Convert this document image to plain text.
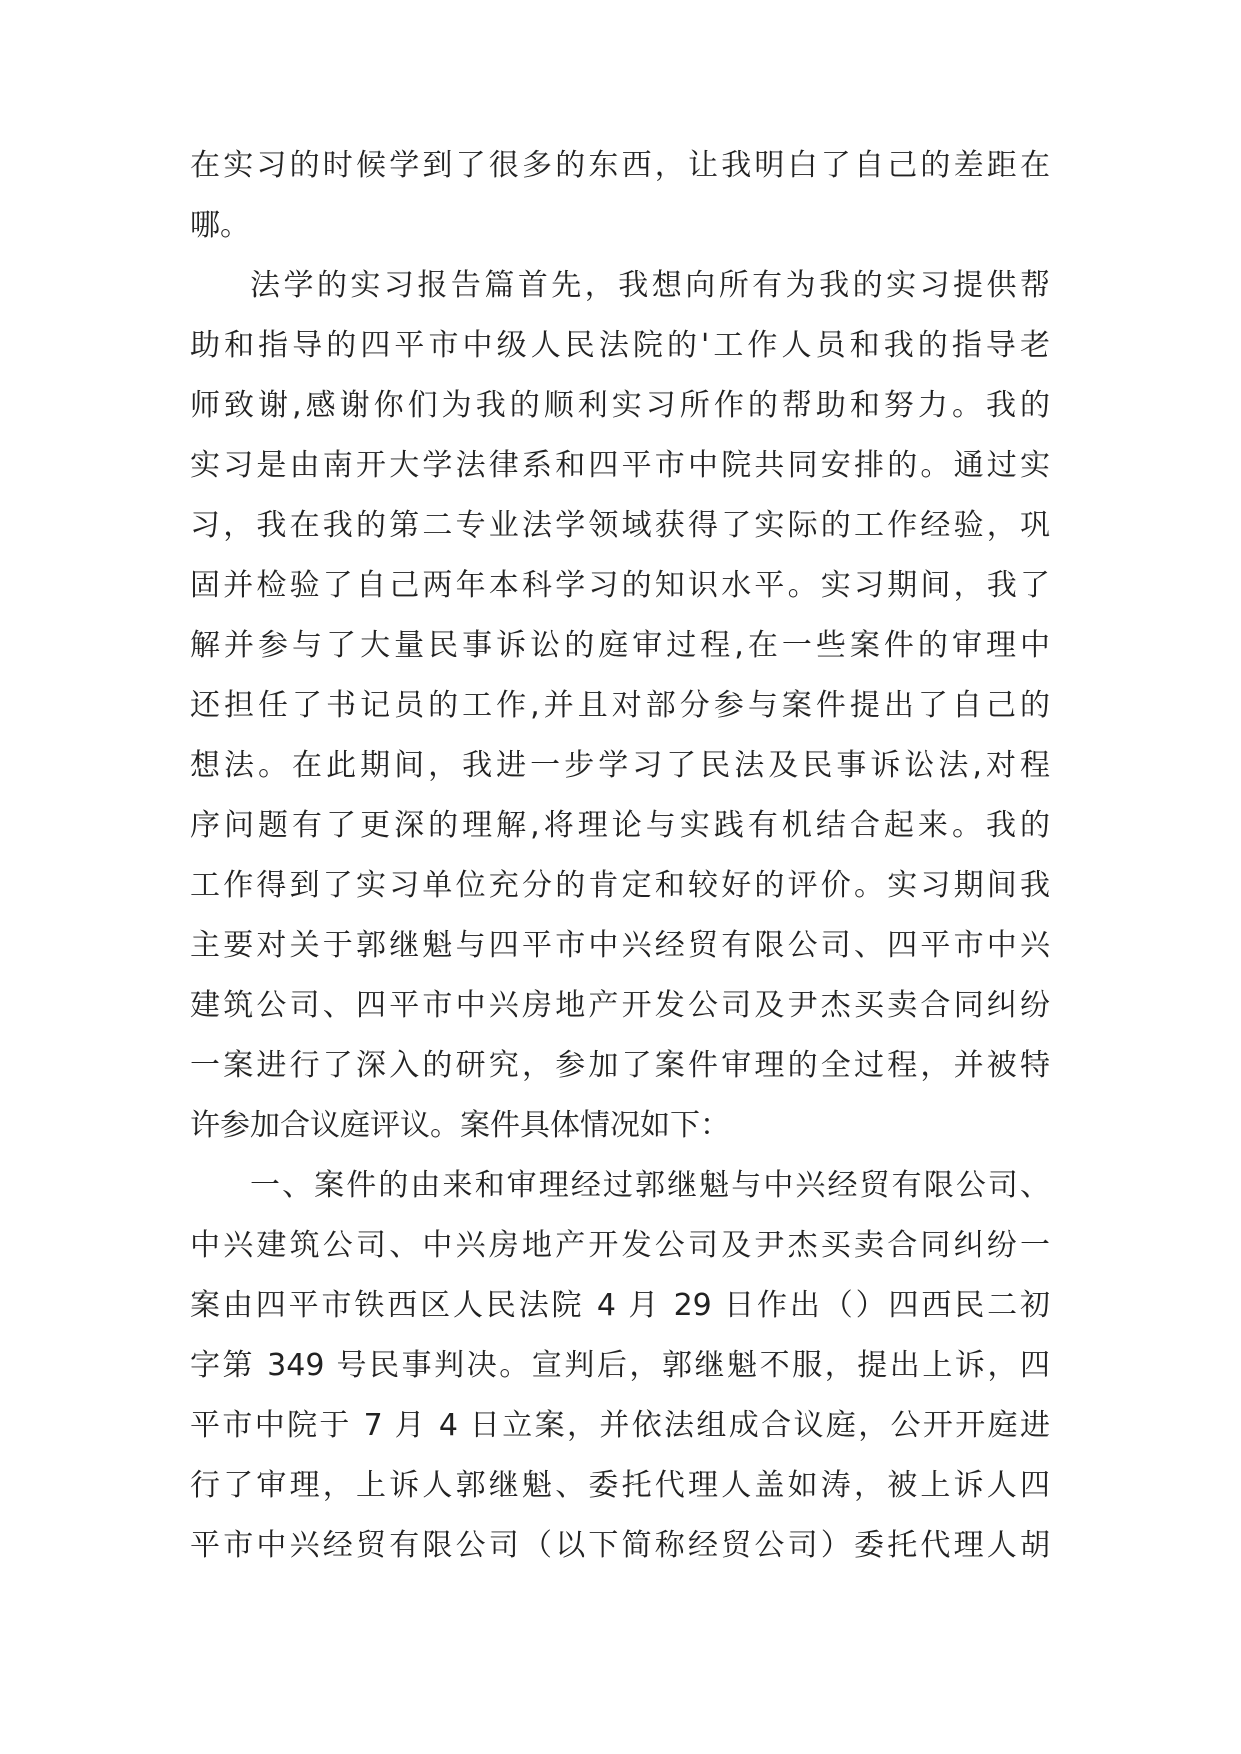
在实习的时候学到了很多的东西，让我明白了自己的差距在
哪。
法学的实习报告篇首先，我想向所有为我的实习提供帮
助和指导的四平市中级人民法院的'工作人员和我的指导老
师致谢,感谢你们为我的顺利实习所作的帮助和努力。我的
实习是由南开大学法律系和四平市中院共同安排的。通过实
习，我在我的第二专业法学领域获得了实际的工作经验，巩
固并检验了自己两年本科学习的知识水平。实习期间，我了
解并参与了大量民事诉讼的庭审过程,在一些案件的审理中
还担任了书记员的工作,并且对部分参与案件提出了自己的
想法。在此期间，我进一步学习了民法及民事诉讼法,对程
序问题有了更深的理解,将理论与实践有机结合起来。我的
工作得到了实习单位充分的肯定和较好的评价。实习期间我
主要对关于郭继魁与四平市中兴经贸有限公司、四平市中兴
建筑公司、四平市中兴房地产开发公司及尹杰买卖合同纠纷
一案进行了深入的研究，参加了案件审理的全过程，并被特
许参加合议庭评议。案件具体情况如下：
一、案件的由来和审理经过郭继魁与中兴经贸有限公司、
中兴建筑公司、中兴房地产开发公司及尹杰买卖合同纠纷一
案由四平市铁西区人民法院 4 月 29 日作出（）四西民二初
字第 349 号民事判决。宣判后，郭继魁不服，提出上诉，四
平市中院于 7 月 4 日立案，并依法组成合议庭，公开开庭进
行了审理，上诉人郭继魁、委托代理人盖如涛，被上诉人四
平市中兴经贸有限公司（以下简称经贸公司）委托代理人胡
